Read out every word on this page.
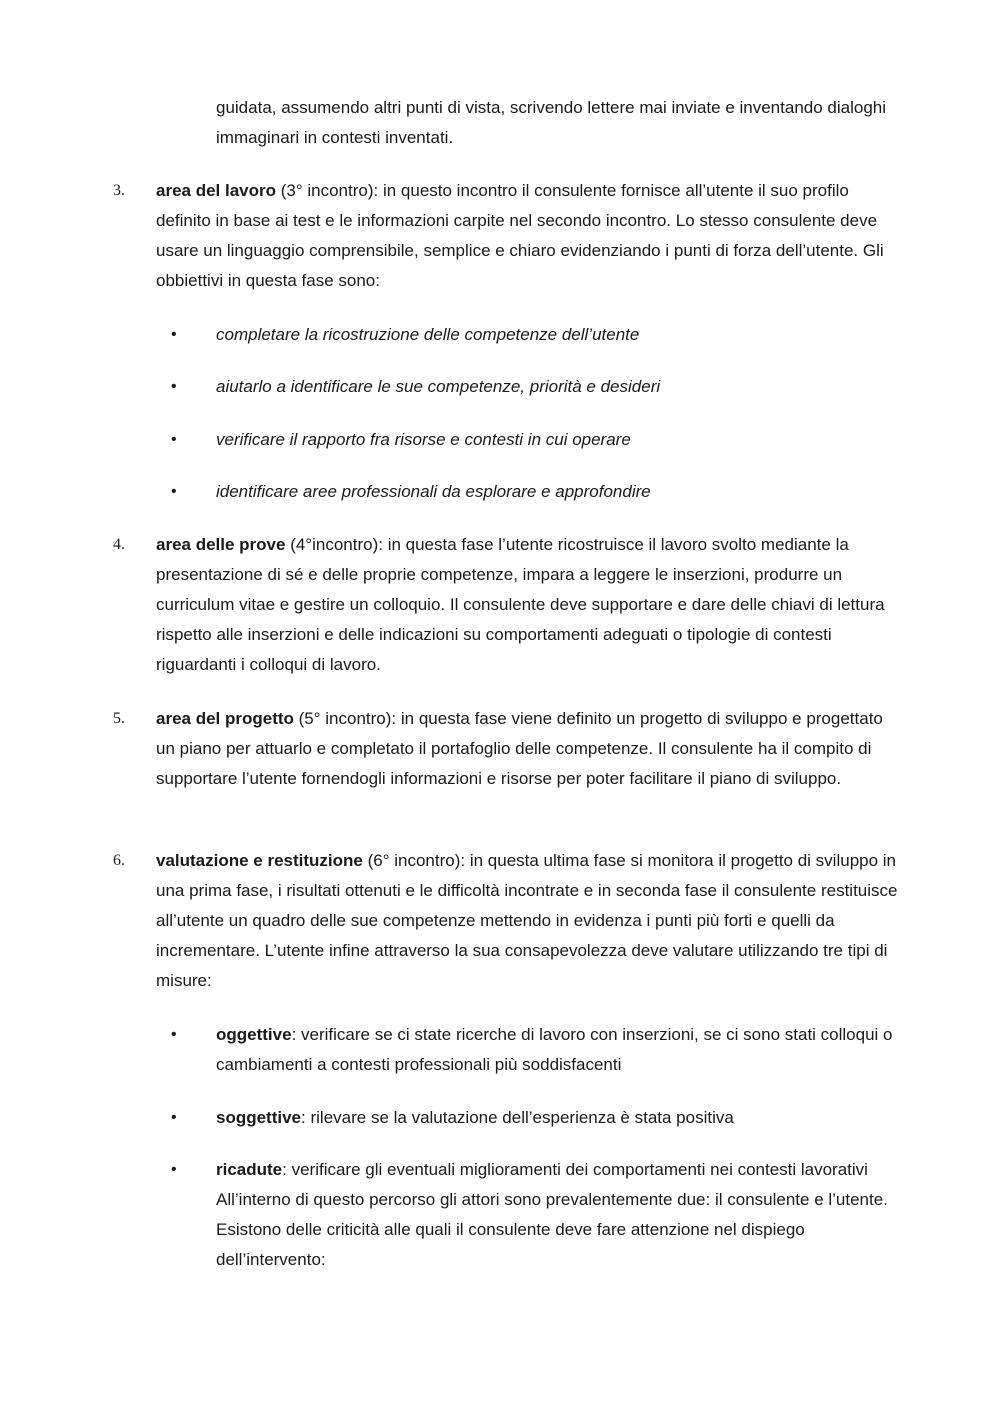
guidata, assumendo altri punti di vista, scrivendo lettere mai inviate e inventando dialoghi immaginari in contesti inventati.

3. area del lavoro (3° incontro): in questo incontro il consulente fornisce all’utente il suo profilo definito in base ai test e le informazioni carpite nel secondo incontro. Lo stesso consulente deve usare un linguaggio comprensibile, semplice e chiaro evidenziando i punti di forza dell’utente. Gli obbiettivi in questa fase sono:

• completare la ricostruzione delle competenze dell’utente

• aiutarlo a identificare le sue competenze, priorità e desideri

• verificare il rapporto fra risorse e contesti in cui operare

• identificare aree professionali da esplorare e approfondire

4. area delle prove (4°incontro): in questa fase l’utente ricostruisce il lavoro svolto mediante la presentazione di sé e delle proprie competenze, impara a leggere le inserzioni, produrre un curriculum vitae e gestire un colloquio. Il consulente deve supportare e dare delle chiavi di lettura rispetto alle inserzioni e delle indicazioni su comportamenti adeguati o tipologie di contesti riguardanti i colloqui di lavoro.

5. area del progetto (5° incontro): in questa fase viene definito un progetto di sviluppo e progettato un piano per attuarlo e completato il portafoglio delle competenze. Il consulente ha il compito di supportare l’utente fornendogli informazioni e risorse per poter facilitare il piano di sviluppo.

6. valutazione e restituzione (6° incontro): in questa ultima fase si monitora il progetto di sviluppo in una prima fase, i risultati ottenuti e le difficoltà incontrate e in seconda fase il consulente restituisce all’utente un quadro delle sue competenze mettendo in evidenza i punti più forti e quelli da incrementare. L’utente infine attraverso la sua consapevolezza deve valutare utilizzando tre tipi di misure:

• oggettive: verificare se ci state ricerche di lavoro con inserzioni, se ci sono stati colloqui o cambiamenti a contesti professionali più soddisfacenti

• soggettive: rilevare se la valutazione dell’esperienza è stata positiva

• ricadute: verificare gli eventuali miglioramenti dei comportamenti nei contesti lavorativi

All’interno di questo percorso gli attori sono prevalentemente due: il consulente e l’utente. Esistono delle criticità alle quali il consulente deve fare attenzione nel dispiego dell’intervento:
